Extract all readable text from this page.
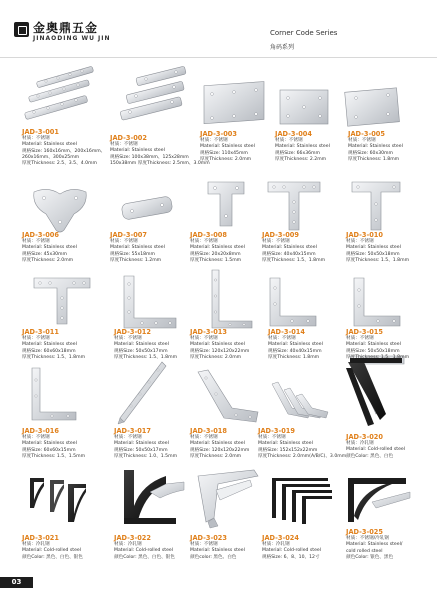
金奥鼎五金
JINAODING WU JIN
Corner Code Series
角码系列
JAD-3-001
材质：不锈钢
Material: Stainless steel
规格Size: 160x16mm、200x16mm、
260x16mm、300x25mm
厚度Thickness: 2.5、3.5、4.0mm
JAD-3-002
材质：不锈钢
Material: Stainless steel
规格Size: 100x38mm、125x28mm
150x38mm 厚度Thickness: 2.5mm、3.0mm
JAD-3-003
材质：不锈钢
Material: Stainless steel
规格Size: 110x45mm
厚度Thickness: 2.0mm
JAD-3-004
材质：不锈钢
Material: Stainless steel
规格Size: 66x36mm
厚度Thickness: 2.2mm
JAD-3-005
材质：不锈钢
Material: Stainless steel
规格Size: 60x30mm
厚度Thickness: 1.8mm
JAD-3-006
材质：不锈钢
Material: Stainless steel
规格Size: 45x30mm
厚度Thickness: 2.0mm
JAD-3-007
材质：不锈钢
Material: Stainless steel
规格Size: 55x18mm
厚度Thickness: 1.2mm
JAD-3-008
材质：不锈钢
Material: Stainless steel
规格Size: 20x20x8mm
厚度Thickness: 1.5mm
JAD-3-009
材质：不锈钢
Material: Stainless steel
规格Size: 40x40x15mm
厚度Thickness: 1.5、1.8mm
JAD-3-010
材质：不锈钢
Material: Stainless steel
规格Size: 50x50x18mm
厚度Thickness: 1.5、1.8mm
JAD-3-011
材质：不锈钢
Material: Stainless steel
规格Size: 60x60x18mm
厚度Thickness: 1.5、1.8mm
JAD-3-012
材质：不锈钢
Material: Stainless steel
规格Size: 50x50x17mm
厚度Thickness: 1.5、1.8mm
JAD-3-013
材质：不锈钢
Material: Stainless steel
规格Size: 120x120x22mm
厚度Thickness: 2.0mm
JAD-3-014
材质：不锈钢
Material: Stainless steel
规格Size: 40x40x15mm
厚度Thickness: 1.8mm
JAD-3-015
材质：不锈钢
Material: Stainless steel
规格Size: 50x50x18mm
厚度Thickness: 1.5、1.8mm
JAD-3-016
材质：不锈钢
Material: Stainless steel
规格Size: 60x60x15mm
厚度Thickness: 1.5、1.5mm
JAD-3-017
材质：不锈钢
Material: Stainless steel
规格Size: 50x50x17mm
厚度Thickness: 1.0、1.5mm
JAD-3-018
材质：不锈钢
Material: Stainless steel
规格Size: 120x120x22mm
厚度Thickness: 2.0mm
JAD-3-019
材质：不锈钢
Material: Stainless steel
规格Size: 152x152x22mm
厚度Thickness: 2.0mm(A/B/C)、3.0mm
JAD-3-020
材质：冷轧钢
Material: Cold-rolled steel
颜色Color: 黑色、白色
JAD-3-021
材质：冷轧钢
Material: Cold-rolled steel
颜色Color: 黑色、白色、银色
JAD-3-022
材质：冷轧钢
Material: Cold-rolled steel
颜色Color: 黑色、白色、银色
JAD-3-023
材质：不锈钢
Material: Stainless steel
颜色color: 黑色、白色
JAD-3-024
材质：冷轧钢
Material: Cold-rolled steel
规格Size: 6、8、10、12寸
JAD-3-025
材质：不锈钢/冷轧钢
Material: Stainless steel/
cold rolled steel
颜色Color: 银色、黑色
03
